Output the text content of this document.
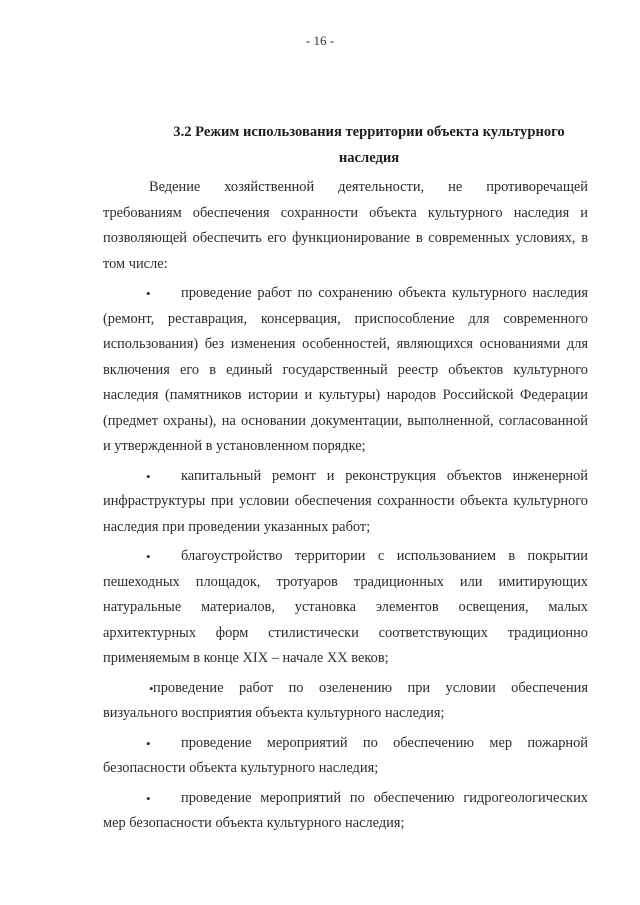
- 16 -
3.2 Режим использования территории объекта культурного наследия

Ведение хозяйственной деятельности, не противоречащей требованиям обеспечения сохранности объекта культурного наследия и позволяющей обеспечить его функционирование в современных условиях, в том числе:

• проведение работ по сохранению объекта культурного наследия (ремонт, реставрация, консервация, приспособление для современного использования) без изменения особенностей, являющихся основаниями для включения его в единый государственный реестр объектов культурного наследия (памятников истории и культуры) народов Российской Федерации (предмет охраны), на основании документации, выполненной, согласованной и утвержденной в установленном порядке;

• капитальный ремонт и реконструкция объектов инженерной инфраструктуры при условии обеспечения сохранности объекта культурного наследия при проведении указанных работ;

• благоустройство территории с использованием в покрытии пешеходных площадок, тротуаров традиционных или имитирующих натуральные материалов, установка элементов освещения, малых архитектурных форм стилистически соответствующих традиционно применяемым в конце XIX – начале XX веков;

• проведение работ по озеленению при условии обеспечения визуального восприятия объекта культурного наследия;

• проведение мероприятий по обеспечению мер пожарной безопасности объекта культурного наследия;

• проведение мероприятий по обеспечению гидрогеологических мер безопасности объекта культурного наследия;
